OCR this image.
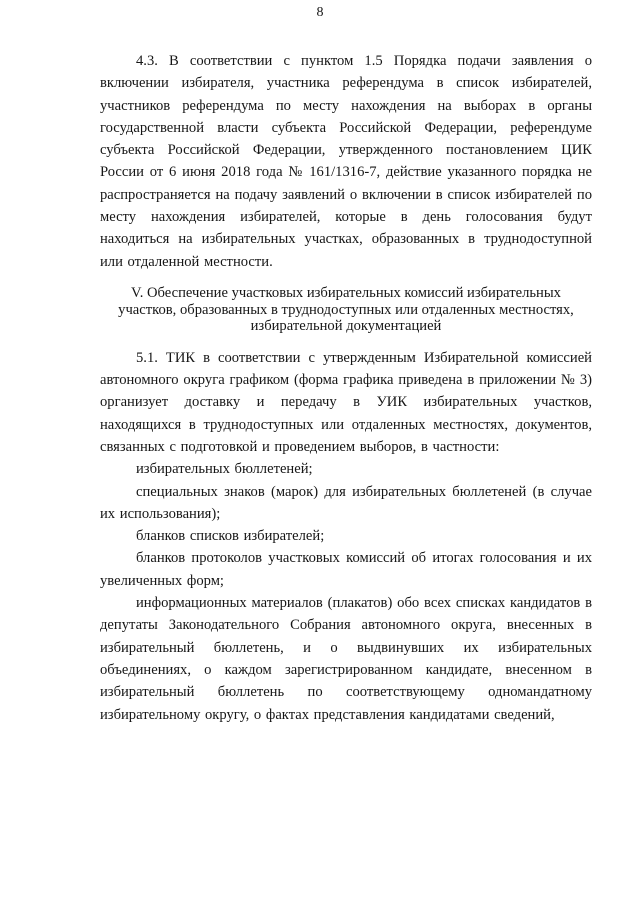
8

4.3. В соответствии с пунктом 1.5 Порядка подачи заявления о включении избирателя, участника референдума в список избирателей, участников референдума по месту нахождения на выборах в органы государственной власти субъекта Российской Федерации, референдуме субъекта Российской Федерации, утвержденного постановлением ЦИК России от 6 июня 2018 года № 161/1316-7, действие указанного порядка не распространяется на подачу заявлений о включении в список избирателей по месту нахождения избирателей, которые в день голосования будут находиться на избирательных участках, образованных в труднодоступной или отдаленной местности.

V. Обеспечение участковых избирательных комиссий избирательных участков, образованных в труднодоступных или отдаленных местностях, избирательной документацией

5.1. ТИК в соответствии с утвержденным Избирательной комиссией автономного округа графиком (форма графика приведена в приложении № 3) организует доставку и передачу в УИК избирательных участков, находящихся в труднодоступных или отдаленных местностях, документов, связанных с подготовкой и проведением выборов, в частности:

избирательных бюллетеней;

специальных знаков (марок) для избирательных бюллетеней (в случае их использования);

бланков списков избирателей;

бланков протоколов участковых комиссий об итогах голосования и их увеличенных форм;

информационных материалов (плакатов) обо всех списках кандидатов в депутаты Законодательного Собрания автономного округа, внесенных в избирательный бюллетень, и о выдвинувших их избирательных объединениях, о каждом зарегистрированном кандидате, внесенном в избирательный бюллетень по соответствующему одномандатному избирательному округу, о фактах представления кандидатами сведений,
